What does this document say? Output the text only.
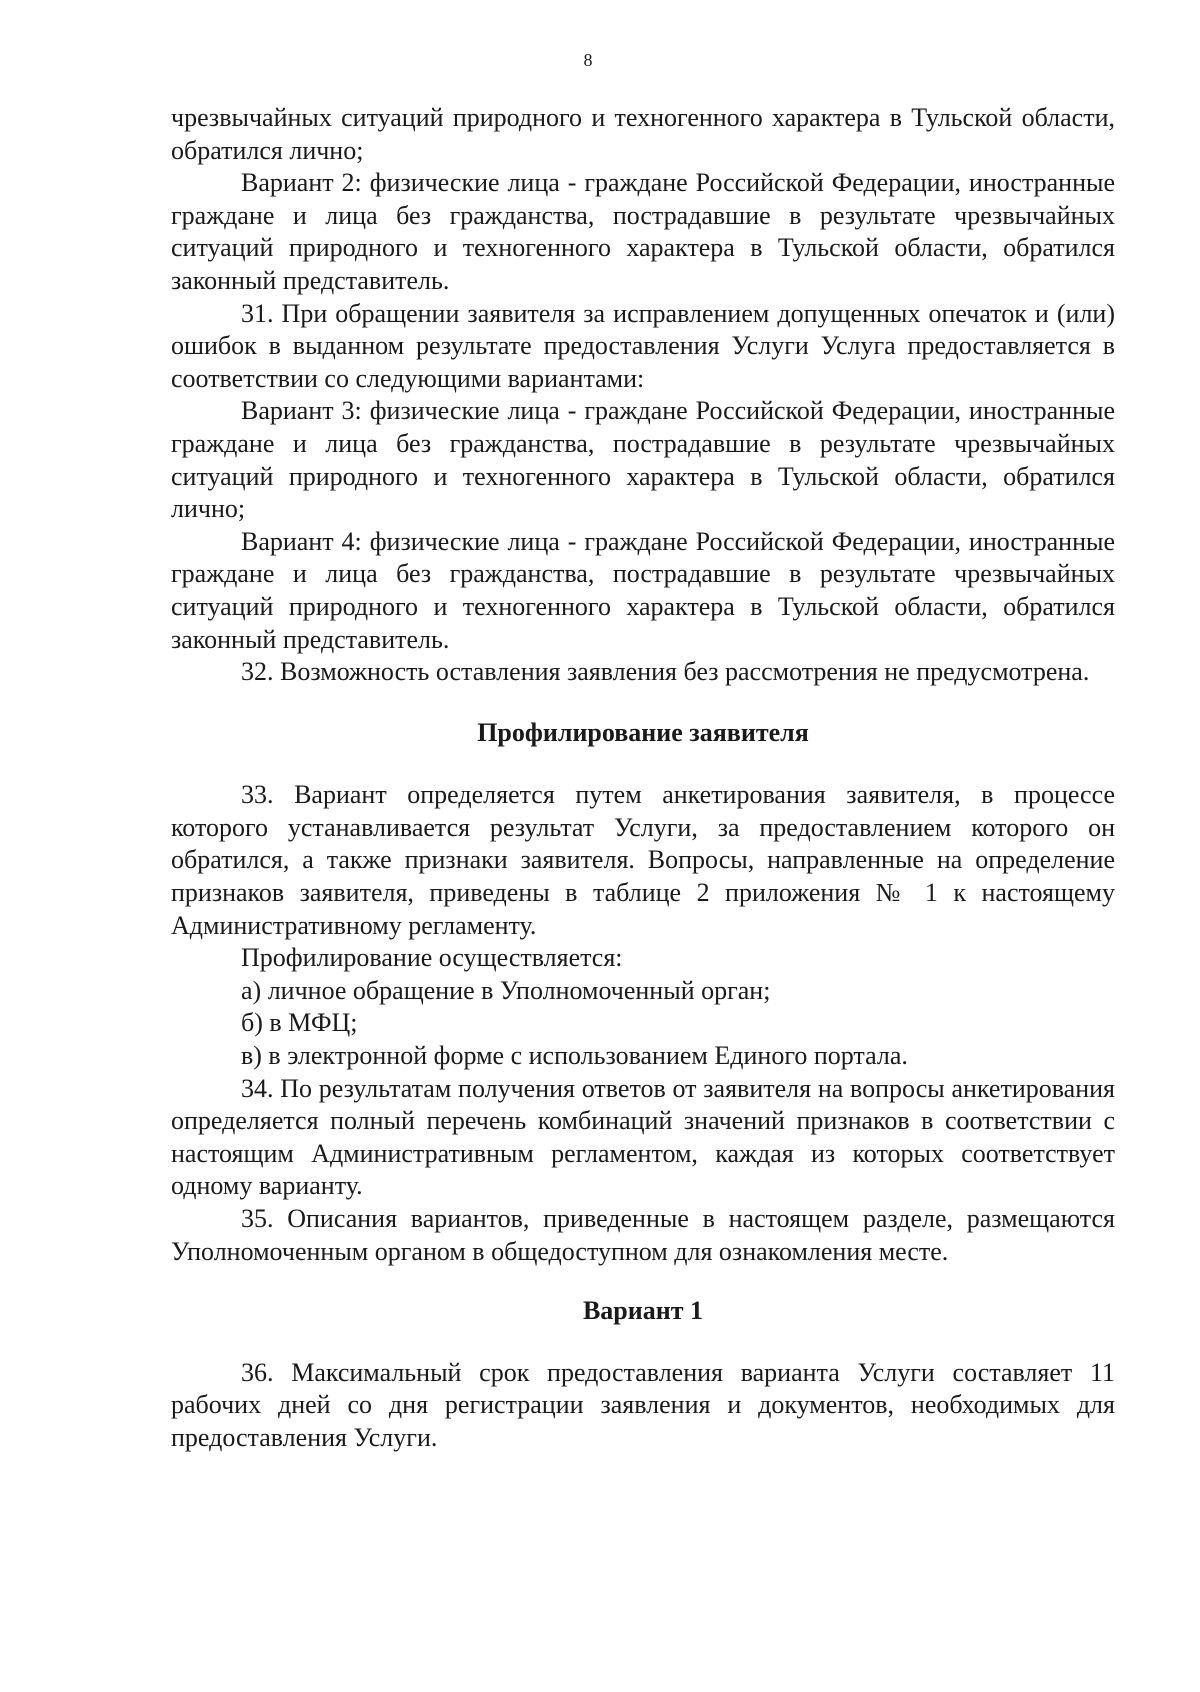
8

чрезвычайных ситуаций природного и техногенного характера в Тульской области, обратился лично;

Вариант 2: физические лица - граждане Российской Федерации, иностранные граждане и лица без гражданства, пострадавшие в результате чрезвычайных ситуаций природного и техногенного характера в Тульской области, обратился законный представитель.

31. При обращении заявителя за исправлением допущенных опечаток и (или) ошибок в выданном результате предоставления Услуги Услуга предоставляется в соответствии со следующими вариантами:

Вариант 3: физические лица - граждане Российской Федерации, иностранные граждане и лица без гражданства, пострадавшие в результате чрезвычайных ситуаций природного и техногенного характера в Тульской области, обратился лично;

Вариант 4: физические лица - граждане Российской Федерации, иностранные граждане и лица без гражданства, пострадавшие в результате чрезвычайных ситуаций природного и техногенного характера в Тульской области, обратился законный представитель.

32. Возможность оставления заявления без рассмотрения не предусмотрена.

Профилирование заявителя

33. Вариант определяется путем анкетирования заявителя, в процессе которого устанавливается результат Услуги, за предоставлением которого он обратился, а также признаки заявителя. Вопросы, направленные на определение признаков заявителя, приведены в таблице 2 приложения № 1 к настоящему Административному регламенту.

Профилирование осуществляется:

а) личное обращение в Уполномоченный орган;

б) в МФЦ;

в) в электронной форме с использованием Единого портала.

34. По результатам получения ответов от заявителя на вопросы анкетирования определяется полный перечень комбинаций значений признаков в соответствии с настоящим Административным регламентом, каждая из которых соответствует одному варианту.

35. Описания вариантов, приведенные в настоящем разделе, размещаются Уполномоченным органом в общедоступном для ознакомления месте.

Вариант 1

36. Максимальный срок предоставления варианта Услуги составляет 11 рабочих дней со дня регистрации заявления и документов, необходимых для предоставления Услуги.
